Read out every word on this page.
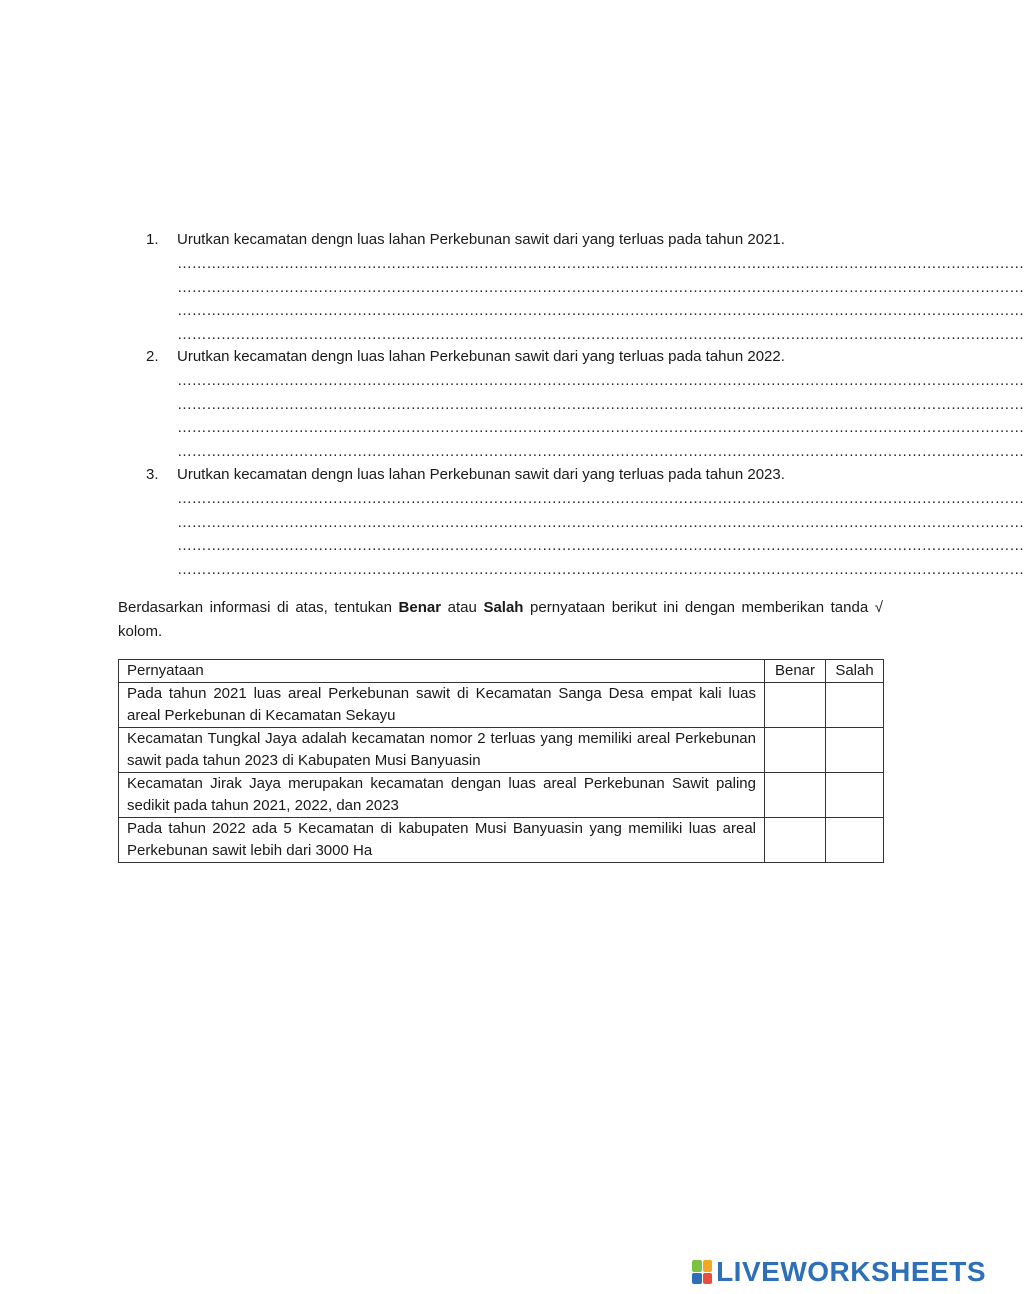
1.	Urutkan kecamatan dengn luas lahan Perkebunan sawit dari yang terluas pada tahun 2021.
…………………………………………………………………………………………………………………………………………………………
…………………………………………………………………………………………………………………………………………………………
…………………………………………………………………………………………………………………………………………………………
…………………………………………………………………………………………………………………………………………………………
2.	Urutkan kecamatan dengn luas lahan Perkebunan sawit dari yang terluas pada tahun 2022.
…………………………………………………………………………………………………………………………………………………………
…………………………………………………………………………………………………………………………………………………………
…………………………………………………………………………………………………………………………………………………………
…………………………………………………………………………………………………………………………………………………………
3.	Urutkan kecamatan dengn luas lahan Perkebunan sawit dari yang terluas pada tahun 2023.
…………………………………………………………………………………………………………………………………………………………
…………………………………………………………………………………………………………………………………………………………
…………………………………………………………………………………………………………………………………………………………
…………………………………………………………………………………………………………………………………………………………
Berdasarkan informasi di atas, tentukan Benar atau Salah pernyataan berikut ini dengan memberikan tanda √ kolom.
Pernyataan	Benar	Salah
Pada tahun 2021 luas areal Perkebunan sawit di Kecamatan Sanga Desa empat kali luas areal Perkebunan di Kecamatan Sekayu		
Kecamatan Tungkal Jaya adalah kecamatan nomor 2 terluas yang memiliki areal Perkebunan sawit pada tahun 2023 di Kabupaten Musi Banyuasin		
Kecamatan Jirak Jaya merupakan kecamatan dengan luas areal Perkebunan Sawit paling sedikit pada tahun 2021, 2022, dan 2023		
Pada tahun 2022 ada 5 Kecamatan di kabupaten Musi Banyuasin yang memiliki luas areal Perkebunan sawit lebih dari 3000 Ha		
LIVEWORKSHEETS
